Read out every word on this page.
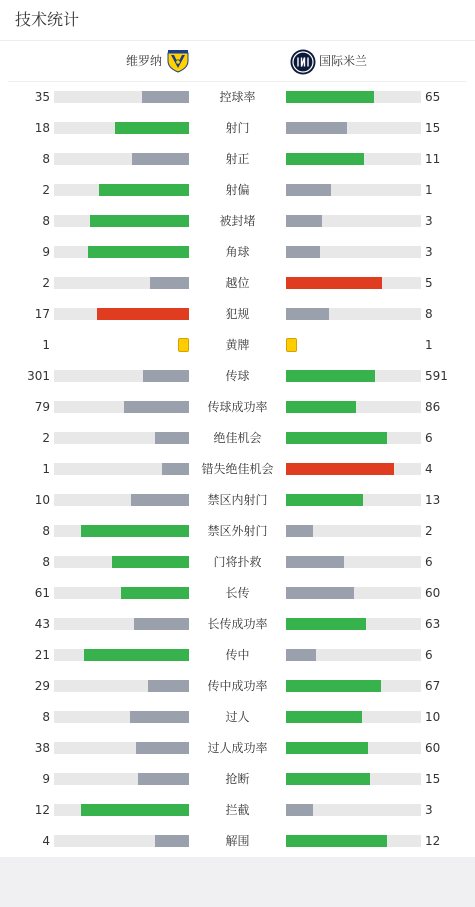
技术统计
维罗纳	国际米兰
35	控球率	65
18	射门	15
8	射正	11
2	射偏	1
8	被封堵	3
9	角球	3
2	越位	5
17	犯规	8
1	黄牌	1
301	传球	591
79	传球成功率	86
2	绝佳机会	6
1	错失绝佳机会	4
10	禁区内射门	13
8	禁区外射门	2
8	门将扑救	6
61	长传	60
43	长传成功率	63
21	传中	6
29	传中成功率	67
8	过人	10
38	过人成功率	60
9	抢断	15
12	拦截	3
4	解围	12
